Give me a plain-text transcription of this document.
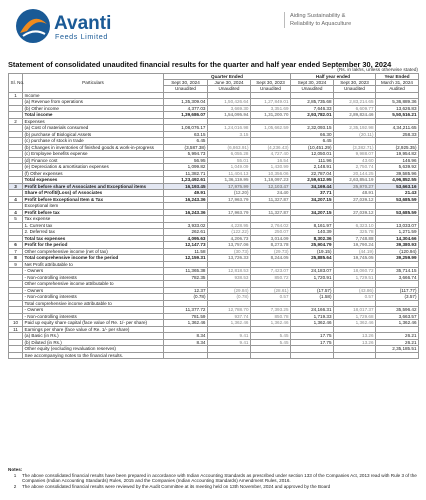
Avanti
Feeds Limited
Aiding Sustainability &
Reliability to Aquaculture
Statement of consolidated unaudited financial results for the quarter and half year ended September 30, 2024
(Rs. in lakhs, unless otherwise stated)
Sl. No.	Particulars	Quarter Ended			Half year ended		Year Ended
		Sept 30, 2024	June 30, 2024	Sept 30, 2023	Sept 30, 2024	Sept 30, 2023	March 31, 2024
		Unaudited	Unaudited	Unaudited	Unaudited	Unaudited	Audited
1	Income						
	(a) Revenue from operations	1,35,309.04	1,50,426.64	1,27,849.01	2,85,735.68	2,83,214.65	5,36,889.36
	(b) Other income	4,377.03	3,669.30	3,351.69	7,646.33	6,609.77	13,626.83
	Total income	1,39,686.07	1,54,095.94	1,31,200.70	2,93,782.01	2,89,824.46	5,50,516.21
2	Expenses						
	(a) Cost of materials consumed	1,08,076.17	1,24,016.98	1,05,662.59	2,32,093.15	2,35,192.98	4,34,211.65
	(b) purchase of Biological Assets	63.15	3.15		66.30	(20.11)	258.33
	(c) purchase of stock in trade	6.45			6.45		
	(b) Changes in inventories of finished goods & work-in-progress	(3,587.38)	(6,863.91)	(4,236.43)	(10,451.29)	(3,382.71)	(2,925.35)
	(c) Employee benefits expense	5,994.73	6,055.28	4,727.40	12,050.01	9,988.07	19,954.82
	(d) Finance cost	56.95	55.01	16.54	111.96	43.60	146.96
	(e) Depreciation & amortisation expenses	1,099.82	1,049.09	1,430.99	2,148.91	2,750.74	5,639.92
	(f) Other expenses	11,382.71	11,404.13	10,356.06	22,787.04	20,144.25	39,585.96
	Total expenses	1,23,492.61	1,36,119.95	1,19,097.23	2,59,612.95	2,63,854.19	4,96,852.55
3	Profit before share of Associates and Exceptional items	16,193.45	17,975.99	12,103.47	34,169.44	25,970.27	53,663.16
	Share of Profit/(Loss) of Associates	49.91	(12.20)	24.40	37.71	48.91	21.43
4	Profit before Exceptional Item & Tax	16,243.36	17,963.79	11,327.87	34,207.15	27,039.12	53,685.59
	Exceptional item						
4	Profit before tax	16,243.36	17,963.79	11,327.87	34,207.15	27,039.12	53,685.59
5	Tax expense						
	1. Current tax	3,933.02	4,228.95	2,764.02	8,161.97	6,323.10	13,033.07
	2. Deferred tax	262.61	(122.22)	250.07	140.39	325.78	1,271.59
	Total tax expenses	4,095.63	4,206.73	3,014.09	8,302.36	7,748.88	14,304.66
6	Profit for the period	12,147.73	13,757.06	8,273.78	25,904.79	19,790.24	39,380.93
7	Other comprehensive income (net of tax)	11.58	(30.73)	(29.73)	(19.15)	(44.19)	(120.94)
8	Total comprehensive income for the period	12,159.31	13,726.33	8,244.05	25,885.64	19,745.05	39,259.99
9	Net Profit attributable to						
	- Owners	11,365.38	12,818.53	7,423.07	24,183.07	18,060.72	35,714.15
	- Non-controlling interests	782.35	938.53	850.72	1,720.91	1,729.51	3,666.74
	Other comprehensive income attributable to						
	- Owners	12.37	(29.84)	(28.61)	(17.57)	(43.86)	(117.77)
	- Non-controlling interests	(0.78)	(0.78)	0.57	(1.58)	0.57	(3.57)
	Total comprehensive income attributable to						
	- Owners	11,377.72	12,788.70	7,393.25	24,166.31	18,017.37	35,596.42
	- Non-controlling interests	781.59	937.74	850.78	1,719.33	1,729.68	3,663.57
10	Paid up equity share capital (face value of Re. 1/- per share)	1,362.46	1,362.46	1,362.46	1,362.46	1,362.46	1,362.46
11	Earnings per share (face value of Re. 1/- per share)						
	(a) Basic (in Rs.)	8.34	9.41	5.45	17.75	13.26	26.21
	(b) Diluted (in Rs.)	8.34	9.41	5.45	17.75	13.26	26.21
	Other equity (excluding revaluation reserves)						2,35,185.51
	See accompanying notes to the financial results.						
Notes:
1	The above consolidated financial results have been prepared in accordance with Indian Accounting Standards as prescribed under section 133 of the Companies Act, 2013 read with Rule 3 of the Companies (Indian Accounting Standards) Rules, 2015 and the Companies (Indian Accounting Standards) Amendment Rules, 2016.
2	The above consolidated financial results were reviewed by the Audit Committee at its meeting held on 13th November, 2024 and approved by the Board
